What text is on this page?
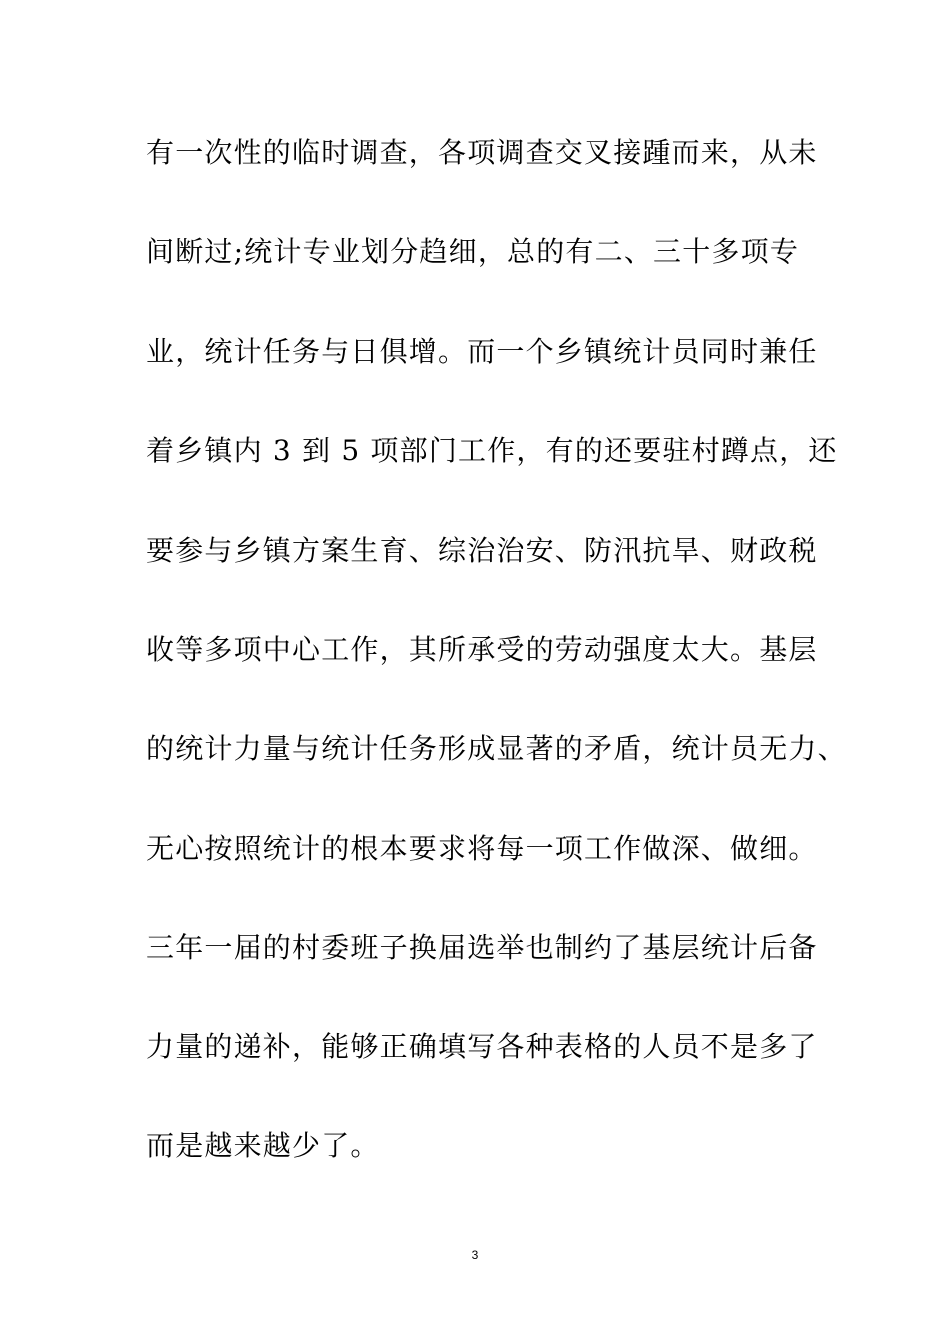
有一次性的临时调查，各项调查交叉接踵而来，从未
间断过;统计专业划分趋细，总的有二、三十多项专
业，统计任务与日俱增。而一个乡镇统计员同时兼任
着乡镇内 3 到 5 项部门工作，有的还要驻村蹲点，还
要参与乡镇方案生育、综治治安、防汛抗旱、财政税
收等多项中心工作，其所承受的劳动强度太大。基层
的统计力量与统计任务形成显著的矛盾，统计员无力、
无心按照统计的根本要求将每一项工作做深、做细。
三年一届的村委班子换届选举也制约了基层统计后备
力量的递补，能够正确填写各种表格的人员不是多了
而是越来越少了。
3
